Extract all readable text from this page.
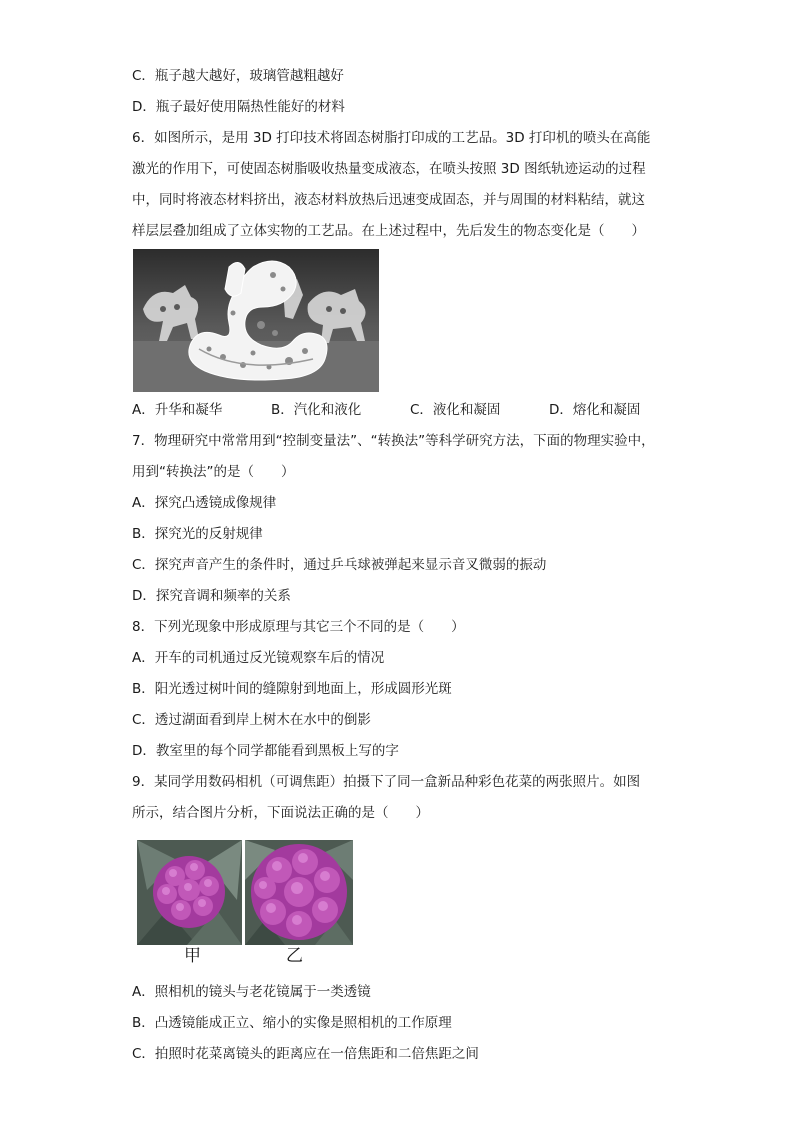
C．瓶子越大越好，玻璃管越粗越好
D．瓶子最好使用隔热性能好的材料
6．如图所示，是用 3D 打印技术将固态树脂打印成的工艺品。3D 打印机的喷头在高能
激光的作用下，可使固态树脂吸收热量变成液态，在喷头按照 3D 图纸轨迹运动的过程
中，同时将液态材料挤出，液态材料放热后迅速变成固态，并与周围的材料粘结，就这
样层层叠加组成了立体实物的工艺品。在上述过程中，先后发生的物态变化是（　　）
A．升华和凝华	B．汽化和液化	C．液化和凝固	D．熔化和凝固
7．物理研究中常常用到“控制变量法”、“转换法”等科学研究方法，下面的物理实验中，
用到“转换法”的是（　　）
A．探究凸透镜成像规律
B．探究光的反射规律
C．探究声音产生的条件时，通过乒乓球被弹起来显示音叉微弱的振动
D．探究音调和频率的关系
8．下列光现象中形成原理与其它三个不同的是（　　）
A．开车的司机通过反光镜观察车后的情况
B．阳光透过树叶间的缝隙射到地面上，形成圆形光斑
C．透过湖面看到岸上树木在水中的倒影
D．教室里的每个同学都能看到黑板上写的字
9．某同学用数码相机（可调焦距）拍摄下了同一盒新品种彩色花菜的两张照片。如图
所示，结合图片分析，下面说法正确的是（　　）
甲	乙
A．照相机的镜头与老花镜属于一类透镜
B．凸透镜能成正立、缩小的实像是照相机的工作原理
C．拍照时花菜离镜头的距离应在一倍焦距和二倍焦距之间
